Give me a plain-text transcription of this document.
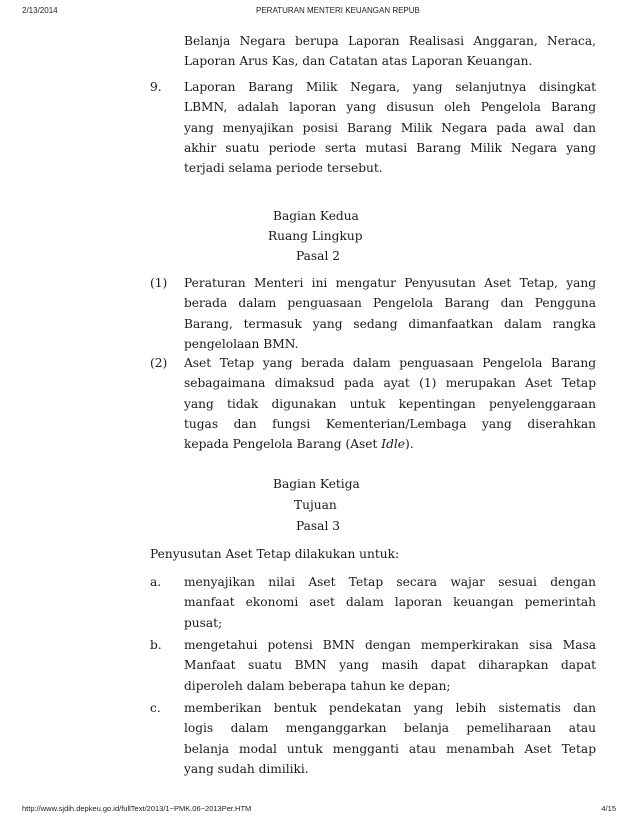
2/13/2014	PERATURAN MENTERI KEUANGAN REPUB
Belanja Negara berupa Laporan Realisasi Anggaran, Neraca,
Laporan Arus Kas, dan Catatan atas Laporan Keuangan.
9. Laporan Barang Milik Negara, yang selanjutnya disingkat
LBMN, adalah laporan yang disusun oleh Pengelola Barang
yang menyajikan posisi Barang Milik Negara pada awal dan
akhir suatu periode serta mutasi Barang Milik Negara yang
terjadi selama periode tersebut.
Bagian Kedua
Ruang Lingkup
Pasal 2
(1) Peraturan Menteri ini mengatur Penyusutan Aset Tetap, yang
berada dalam penguasaan Pengelola Barang dan Pengguna
Barang, termasuk yang sedang dimanfaatkan dalam rangka
pengelolaan BMN.
(2) Aset Tetap yang berada dalam penguasaan Pengelola Barang
sebagaimana dimaksud pada ayat (1) merupakan Aset Tetap
yang tidak digunakan untuk kepentingan penyelenggaraan
tugas dan fungsi Kementerian/Lembaga yang diserahkan
kepada Pengelola Barang (Aset Idle).
Bagian Ketiga
Tujuan
Pasal 3
Penyusutan Aset Tetap dilakukan untuk:
a. menyajikan nilai Aset Tetap secara wajar sesuai dengan
manfaat ekonomi aset dalam laporan keuangan pemerintah
pusat;
b. mengetahui potensi BMN dengan memperkirakan sisa Masa
Manfaat suatu BMN yang masih dapat diharapkan dapat
diperoleh dalam beberapa tahun ke depan;
c. memberikan bentuk pendekatan yang lebih sistematis dan
logis dalam menganggarkan belanja pemeliharaan atau
belanja modal untuk mengganti atau menambah Aset Tetap
yang sudah dimiliki.
http://www.sjdih.depkeu.go.id/fullText/2013/1~PMK.06~2013Per.HTM	4/15
